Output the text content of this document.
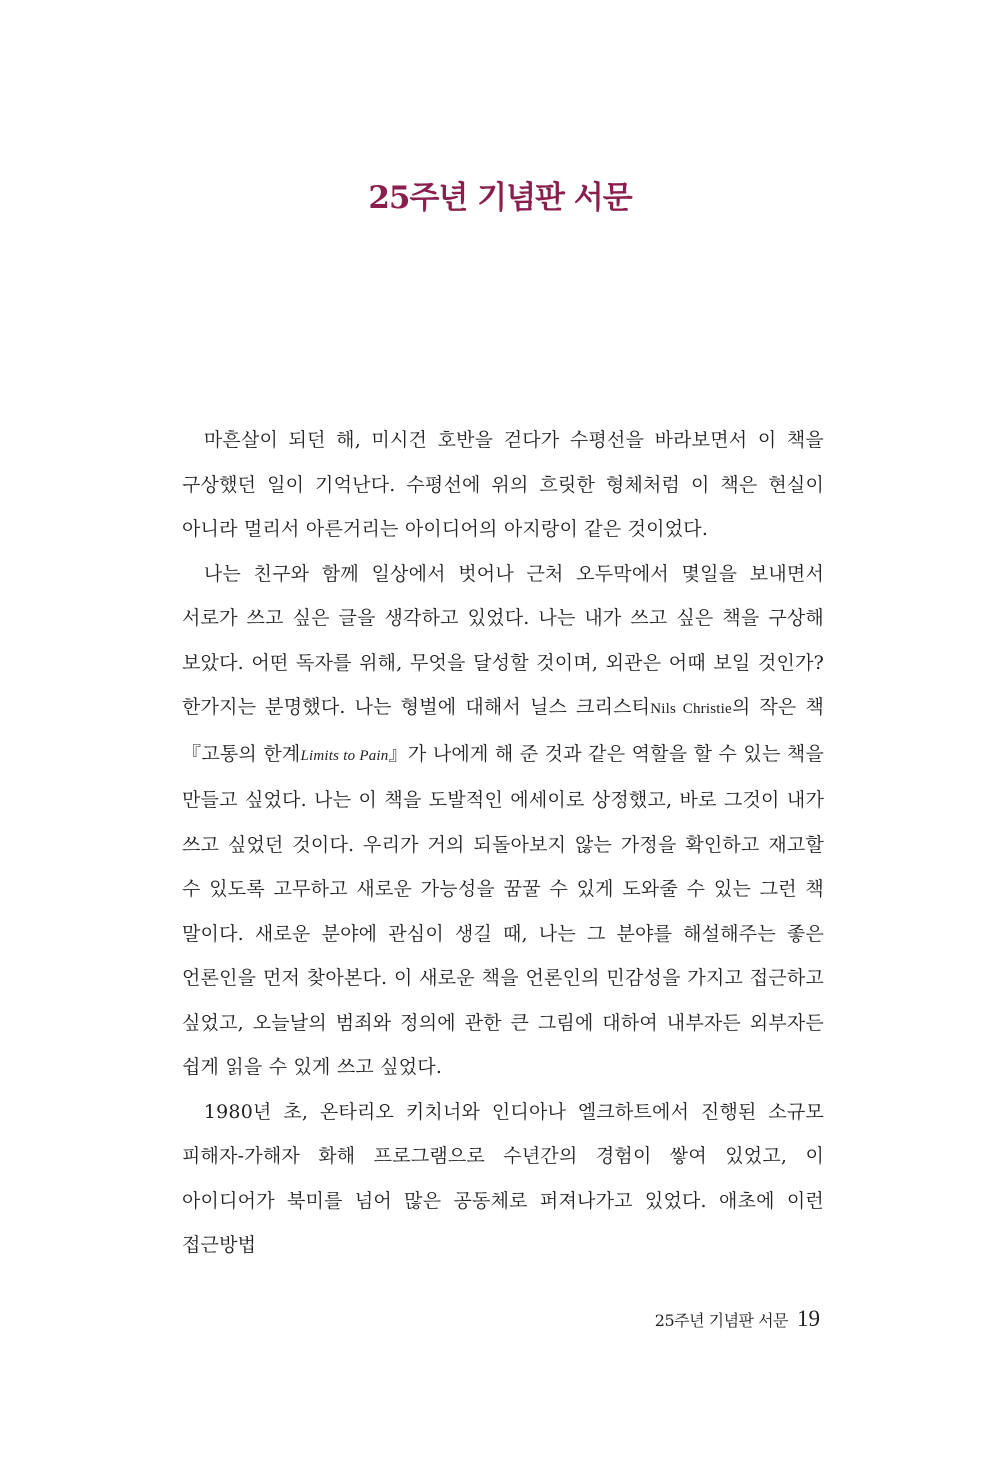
25주년 기념판 서문

마흔살이 되던 해, 미시건 호반을 걷다가 수평선을 바라보면서 이 책을 구상했던 일이 기억난다. 수평선에 위의 흐릿한 형체처럼 이 책은 현실이 아니라 멀리서 아른거리는 아이디어의 아지랑이 같은 것이었다.

나는 친구와 함께 일상에서 벗어나 근처 오두막에서 몇일을 보내면서 서로가 쓰고 싶은 글을 생각하고 있었다. 나는 내가 쓰고 싶은 책을 구상해 보았다. 어떤 독자를 위해, 무엇을 달성할 것이며, 외관은 어때 보일 것인가? 한가지는 분명했다. 나는 형벌에 대해서 닐스 크리스티Nils Christie의 작은 책 『고통의 한계Limits to Pain』가 나에게 해 준 것과 같은 역할을 할 수 있는 책을 만들고 싶었다. 나는 이 책을 도발적인 에세이로 상정했고, 바로 그것이 내가 쓰고 싶었던 것이다. 우리가 거의 되돌아보지 않는 가정을 확인하고 재고할 수 있도록 고무하고 새로운 가능성을 꿈꿀 수 있게 도와줄 수 있는 그런 책 말이다. 새로운 분야에 관심이 생길 때, 나는 그 분야를 해설해주는 좋은 언론인을 먼저 찾아본다. 이 새로운 책을 언론인의 민감성을 가지고 접근하고 싶었고, 오늘날의 범죄와 정의에 관한 큰 그림에 대하여 내부자든 외부자든 쉽게 읽을 수 있게 쓰고 싶었다.

1980년 초, 온타리오 키치너와 인디아나 엘크하트에서 진행된 소규모 피해자-가해자 화해 프로그램으로 수년간의 경험이 쌓여 있었고, 이 아이디어가 북미를 넘어 많은 공동체로 퍼져나가고 있었다. 애초에 이런 접근방법

25주년 기념판 서문 19
